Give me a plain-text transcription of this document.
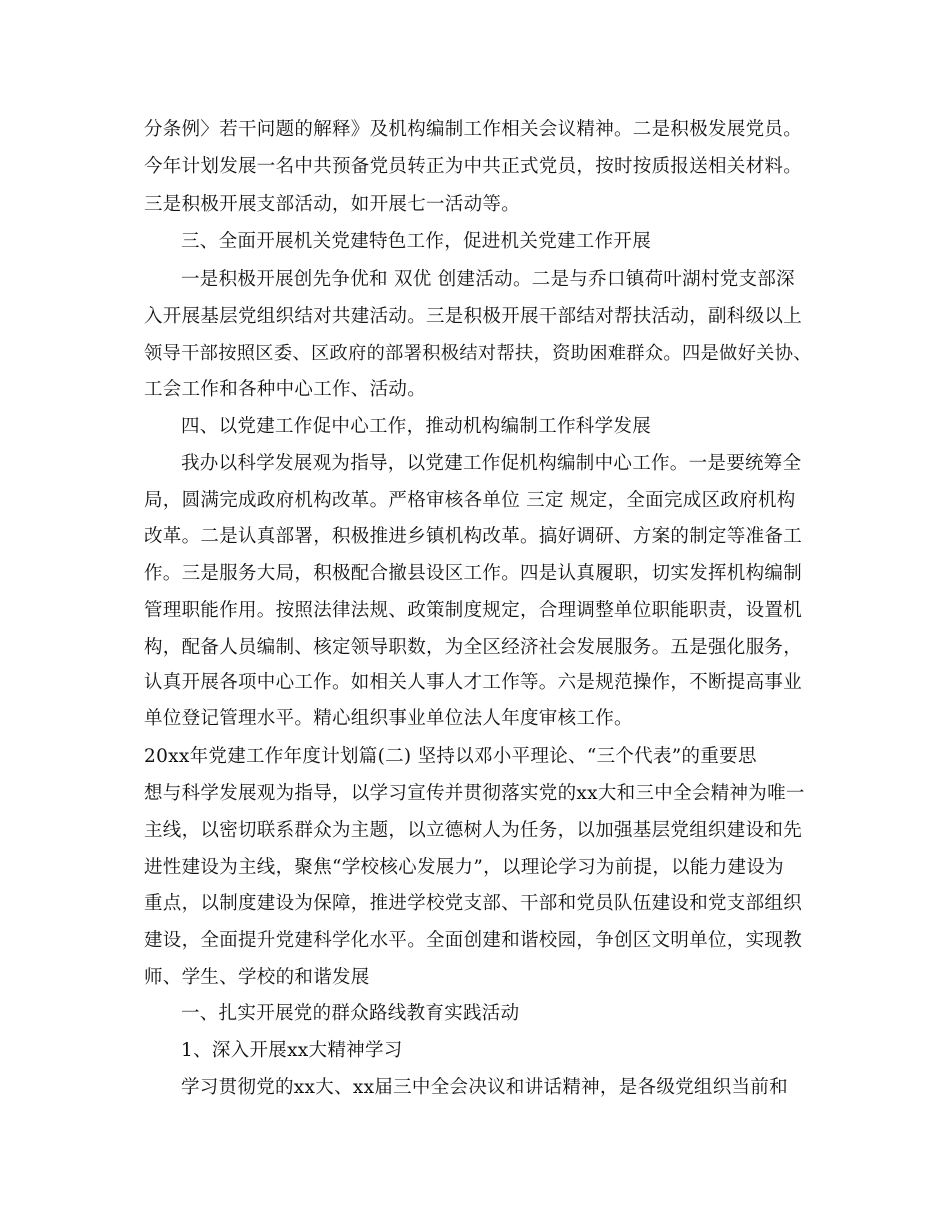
分条例〉若干问题的解释》及机构编制工作相关会议精神。二是积极发展党员。
今年计划发展一名中共预备党员转正为中共正式党员，按时按质报送相关材料。
三是积极开展支部活动，如开展七一活动等。
三、全面开展机关党建特色工作，促进机关党建工作开展
一是积极开展创先争优和 双优 创建活动。二是与乔口镇荷叶湖村党支部深
入开展基层党组织结对共建活动。三是积极开展干部结对帮扶活动，副科级以上
领导干部按照区委、区政府的部署积极结对帮扶，资助困难群众。四是做好关协、
工会工作和各种中心工作、活动。
四、以党建工作促中心工作，推动机构编制工作科学发展
我办以科学发展观为指导，以党建工作促机构编制中心工作。一是要统筹全
局，圆满完成政府机构改革。严格审核各单位 三定 规定，全面完成区政府机构
改革。二是认真部署，积极推进乡镇机构改革。搞好调研、方案的制定等准备工
作。三是服务大局，积极配合撤县设区工作。四是认真履职，切实发挥机构编制
管理职能作用。按照法律法规、政策制度规定，合理调整单位职能职责，设置机
构，配备人员编制、核定领导职数，为全区经济社会发展服务。五是强化服务，
认真开展各项中心工作。如相关人事人才工作等。六是规范操作，不断提高事业
单位登记管理水平。精心组织事业单位法人年度审核工作。
20xx年党建工作年度计划篇(二) 坚持以邓小平理论、“三个代表”的重要思
想与科学发展观为指导，以学习宣传并贯彻落实党的xx大和三中全会精神为唯一
主线，以密切联系群众为主题，以立德树人为任务，以加强基层党组织建设和先
进性建设为主线，聚焦“学校核心发展力”，以理论学习为前提，以能力建设为
重点，以制度建设为保障，推进学校党支部、干部和党员队伍建设和党支部组织
建设，全面提升党建科学化水平。全面创建和谐校园，争创区文明单位，实现教
师、学生、学校的和谐发展
一、扎实开展党的群众路线教育实践活动
1、深入开展xx大精神学习
学习贯彻党的xx大、xx届三中全会决议和讲话精神，是各级党组织当前和
